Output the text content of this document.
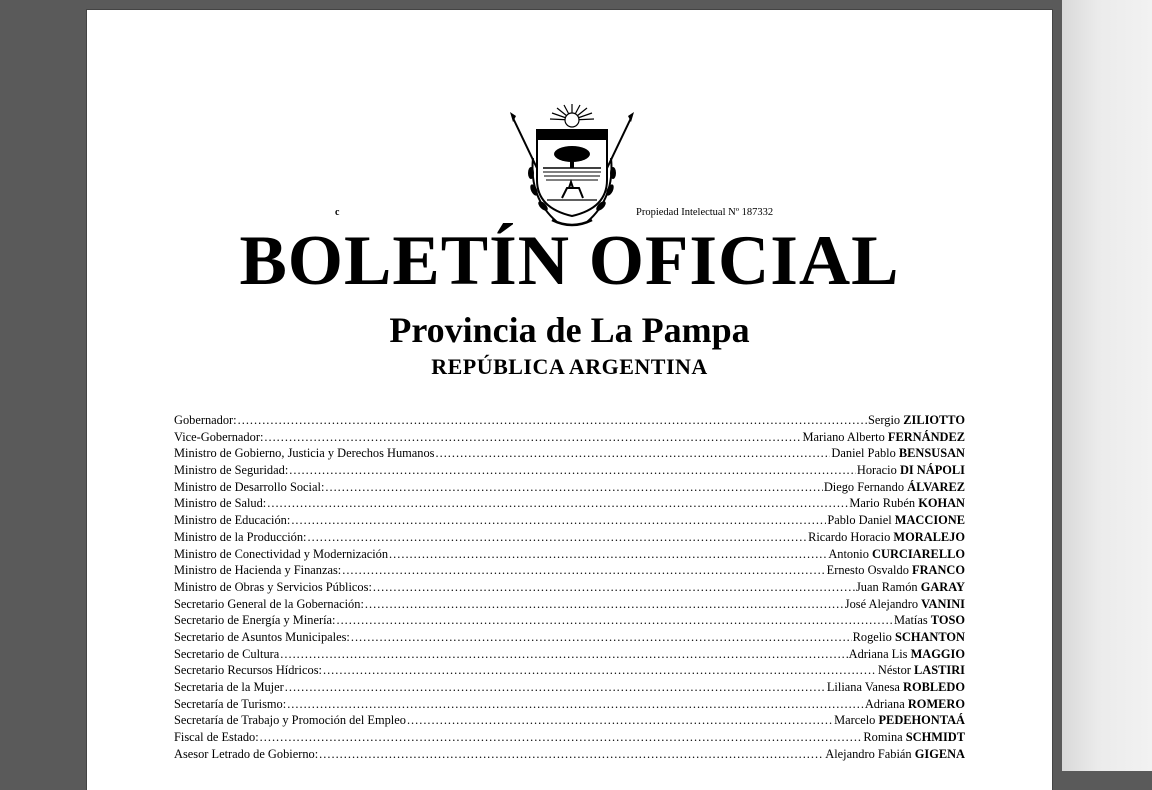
c	Propiedad Intelectual Nº 187332
BOLETÍN OFICIAL
Provincia de La Pampa
REPÚBLICA ARGENTINA
Gobernador: .....	Sergio ZILIOTTO
Vice-Gobernador: .....	Mariano Alberto FERNÁNDEZ
Ministro de Gobierno, Justicia y Derechos Humanos .....	Daniel Pablo BENSUSAN
Ministro de Seguridad: .....	Horacio DI NÁPOLI
Ministro de Desarrollo Social: .....	Diego Fernando ÁLVAREZ
Ministro de Salud: .....	Mario Rubén KOHAN
Ministro de Educación: .....	Pablo Daniel MACCIONE
Ministro de la Producción: .....	Ricardo Horacio MORALEJO
Ministro de Conectividad y Modernización .....	Antonio CURCIARELLO
Ministro de Hacienda y Finanzas: .....	Ernesto Osvaldo FRANCO
Ministro de Obras y Servicios Públicos: .....	Juan Ramón GARAY
Secretario General de la Gobernación: .....	José Alejandro VANINI
Secretario de Energía y Minería: .....	Matías TOSO
Secretario de Asuntos Municipales: .....	Rogelio SCHANTON
Secretario de Cultura .....	Adriana Lis MAGGIO
Secretario Recursos Hídricos: .....	Néstor LASTIRI
Secretaria de la Mujer .....	Liliana Vanesa ROBLEDO
Secretaría de Turismo: .....	Adriana ROMERO
Secretaría de Trabajo y Promoción del Empleo .....	Marcelo PEDEHONTAÁ
Fiscal de Estado: .....	Romina SCHMIDT
Asesor Letrado de Gobierno: .....	Alejandro Fabián GIGENA
